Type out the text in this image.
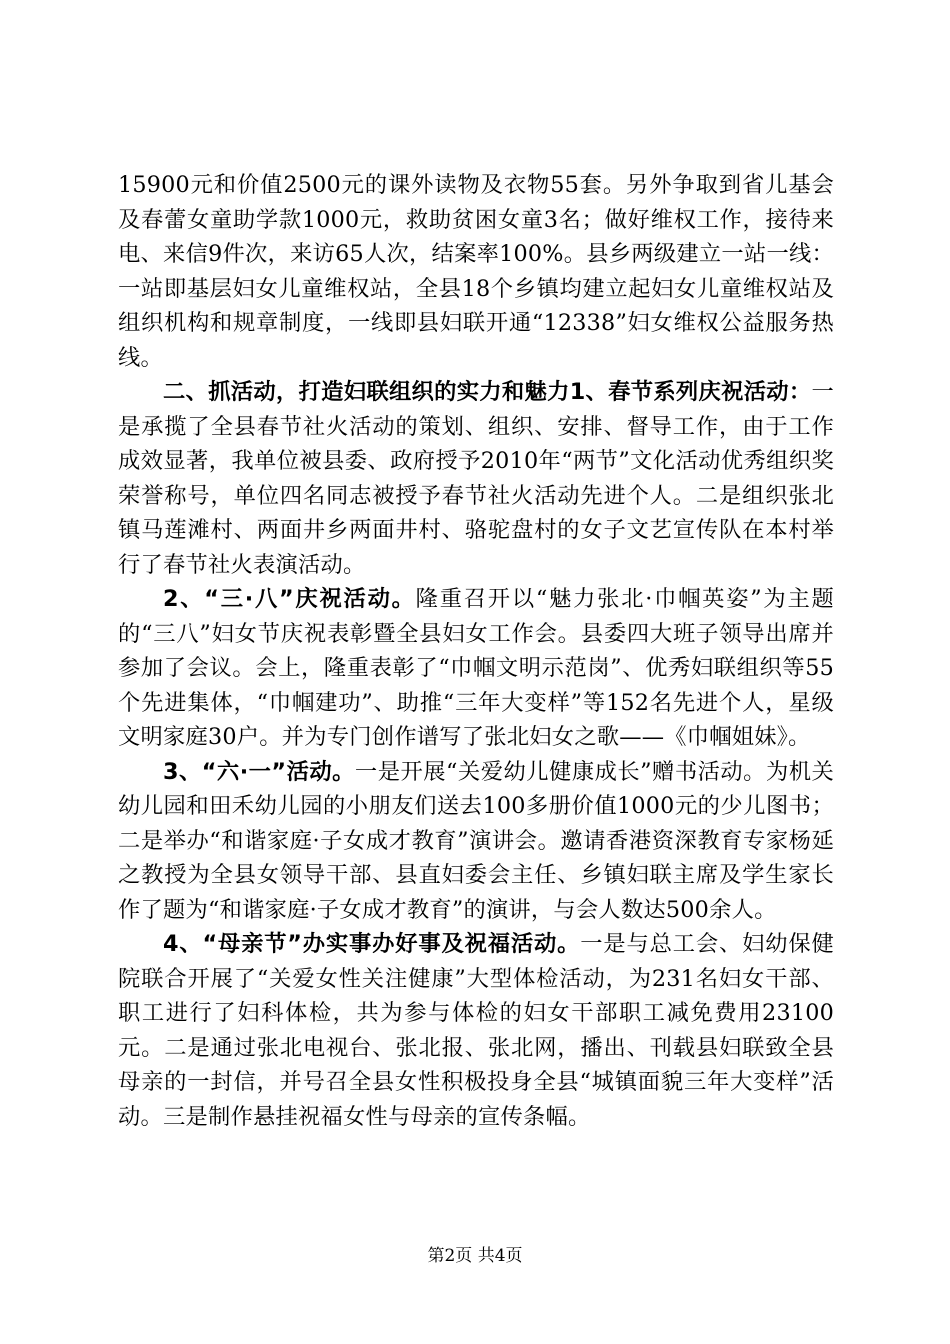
15900元和价值2500元的课外读物及衣物55套。另外争取到省儿基会及春蕾女童助学款1000元，救助贫困女童3名；做好维权工作，接待来电、来信9件次，来访65人次，结案率100%。县乡两级建立一站一线：一站即基层妇女儿童维权站，全县18个乡镇均建立起妇女儿童维权站及组织机构和规章制度，一线即县妇联开通“12338”妇女维权公益服务热线。

二、抓活动，打造妇联组织的实力和魅力1、春节系列庆祝活动：一是承揽了全县春节社火活动的策划、组织、安排、督导工作，由于工作成效显著，我单位被县委、政府授予2010年“两节”文化活动优秀组织奖荣誉称号，单位四名同志被授予春节社火活动先进个人。二是组织张北镇马莲滩村、两面井乡两面井村、骆驼盘村的女子文艺宣传队在本村举行了春节社火表演活动。

2、“三·八”庆祝活动。隆重召开以“魅力张北·巾帼英姿”为主题的“三八”妇女节庆祝表彰暨全县妇女工作会。县委四大班子领导出席并参加了会议。会上，隆重表彰了“巾帼文明示范岗”、优秀妇联组织等55个先进集体，“巾帼建功”、助推“三年大变样”等152名先进个人，星级文明家庭30户。并为专门创作谱写了张北妇女之歌——《巾帼姐妹》。

3、“六·一”活动。一是开展“关爱幼儿健康成长”赠书活动。为机关幼儿园和田禾幼儿园的小朋友们送去100多册价值1000元的少儿图书；二是举办“和谐家庭·子女成才教育”演讲会。邀请香港资深教育专家杨延之教授为全县女领导干部、县直妇委会主任、乡镇妇联主席及学生家长作了题为“和谐家庭·子女成才教育”的演讲，与会人数达500余人。

4、“母亲节”办实事办好事及祝福活动。一是与总工会、妇幼保健院联合开展了“关爱女性关注健康”大型体检活动，为231名妇女干部、职工进行了妇科体检，共为参与体检的妇女干部职工减免费用23100元。二是通过张北电视台、张北报、张北网，播出、刊载县妇联致全县母亲的一封信，并号召全县女性积极投身全县“城镇面貌三年大变样”活动。三是制作悬挂祝福女性与母亲的宣传条幅。

第2页 共4页
